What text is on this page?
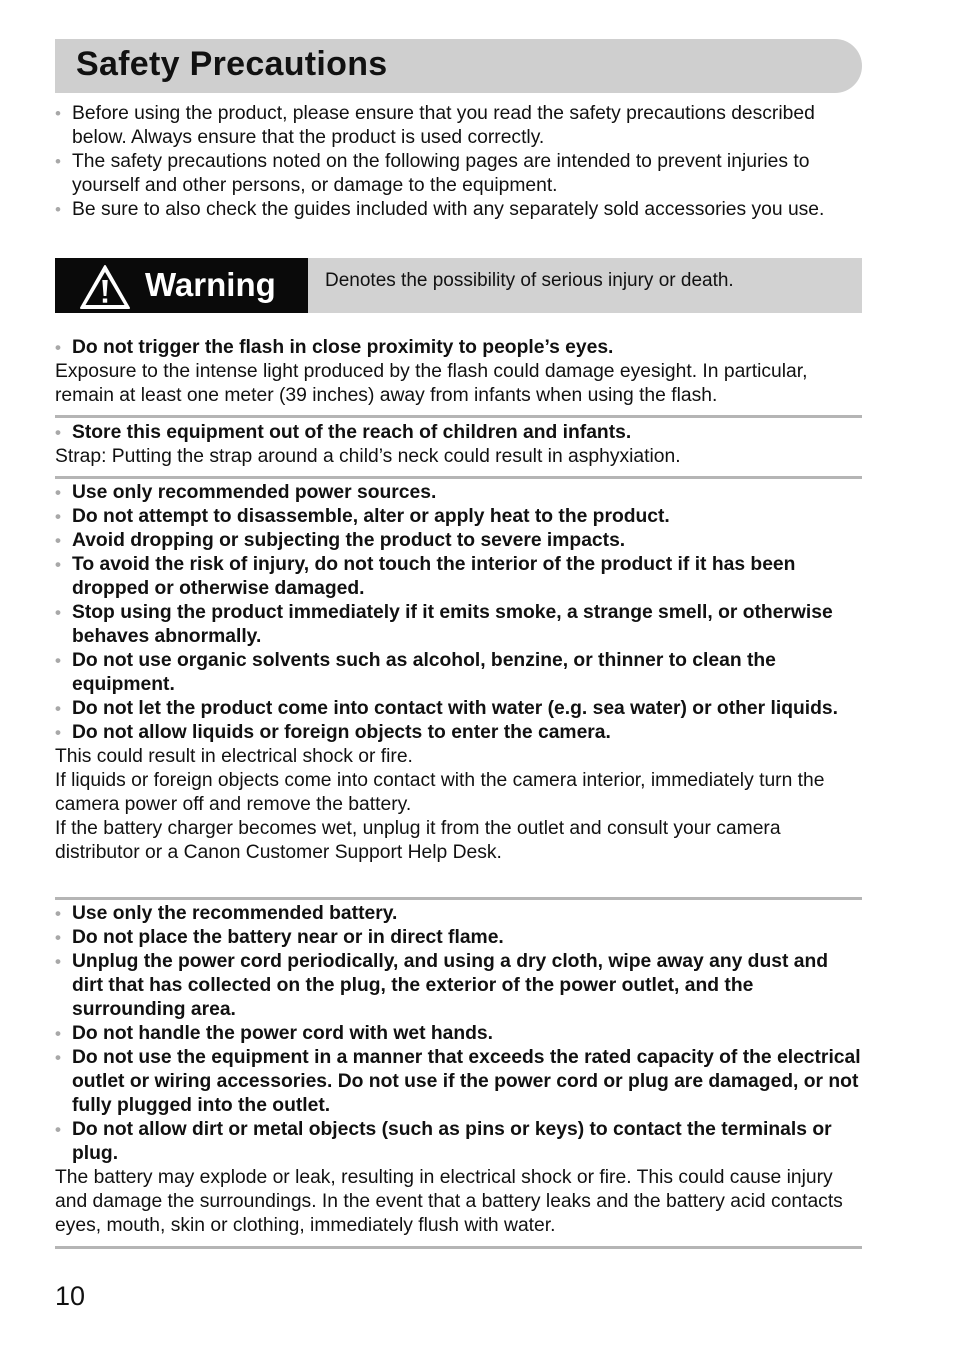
Safety Precautions
• Before using the product, please ensure that you read the safety precautions described below. Always ensure that the product is used correctly.
• The safety precautions noted on the following pages are intended to prevent injuries to yourself and other persons, or damage to the equipment.
• Be sure to also check the guides included with any separately sold accessories you use.
Warning	Denotes the possibility of serious injury or death.
• Do not trigger the flash in close proximity to people’s eyes.
Exposure to the intense light produced by the flash could damage eyesight. In particular, remain at least one meter (39 inches) away from infants when using the flash.
• Store this equipment out of the reach of children and infants.
Strap: Putting the strap around a child’s neck could result in asphyxiation.
• Use only recommended power sources.
• Do not attempt to disassemble, alter or apply heat to the product.
• Avoid dropping or subjecting the product to severe impacts.
• To avoid the risk of injury, do not touch the interior of the product if it has been dropped or otherwise damaged.
• Stop using the product immediately if it emits smoke, a strange smell, or otherwise behaves abnormally.
• Do not use organic solvents such as alcohol, benzine, or thinner to clean the equipment.
• Do not let the product come into contact with water (e.g. sea water) or other liquids.
• Do not allow liquids or foreign objects to enter the camera.
This could result in electrical shock or fire.
If liquids or foreign objects come into contact with the camera interior, immediately turn the camera power off and remove the battery.
If the battery charger becomes wet, unplug it from the outlet and consult your camera distributor or a Canon Customer Support Help Desk.
• Use only the recommended battery.
• Do not place the battery near or in direct flame.
• Unplug the power cord periodically, and using a dry cloth, wipe away any dust and dirt that has collected on the plug, the exterior of the power outlet, and the surrounding area.
• Do not handle the power cord with wet hands.
• Do not use the equipment in a manner that exceeds the rated capacity of the electrical outlet or wiring accessories. Do not use if the power cord or plug are damaged, or not fully plugged into the outlet.
• Do not allow dirt or metal objects (such as pins or keys) to contact the terminals or plug.
The battery may explode or leak, resulting in electrical shock or fire. This could cause injury and damage the surroundings. In the event that a battery leaks and the battery acid contacts eyes, mouth, skin or clothing, immediately flush with water.
10
